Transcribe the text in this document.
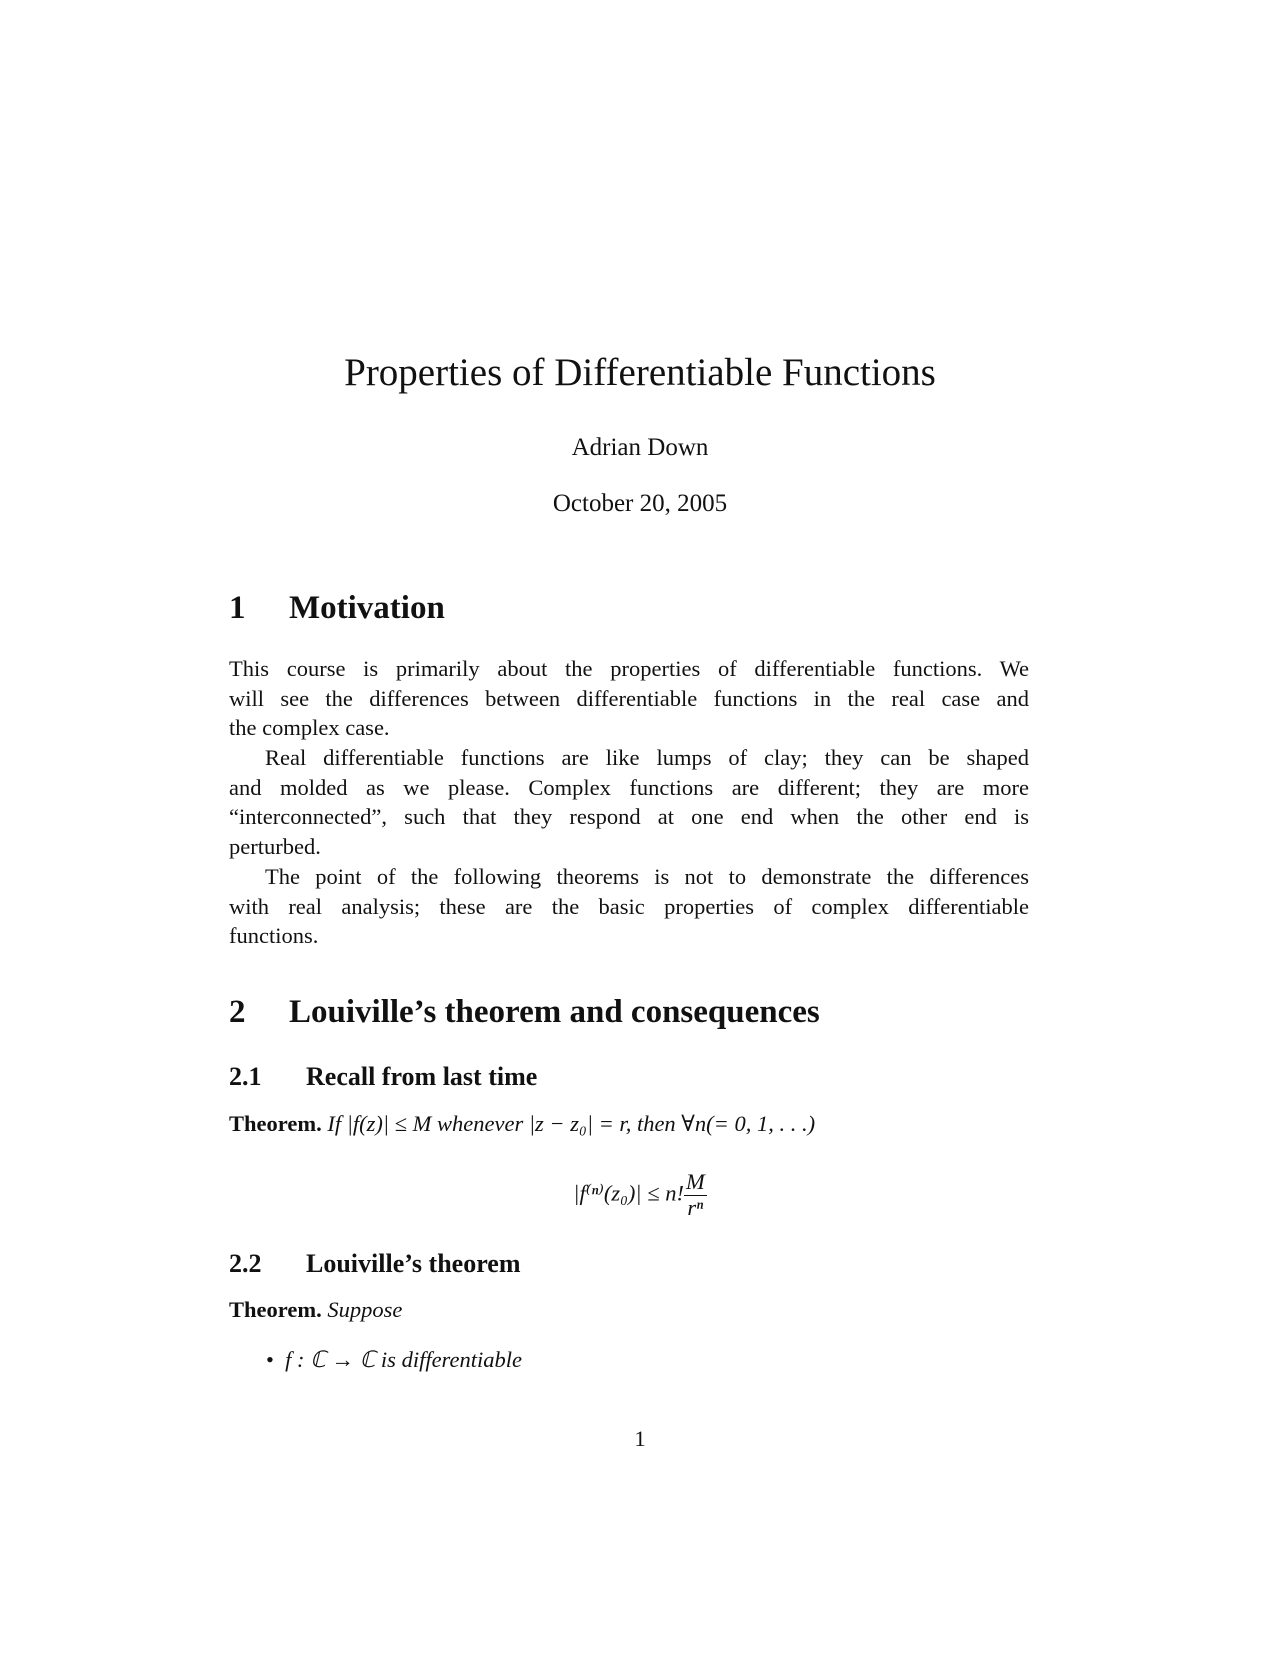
Properties of Differentiable Functions
Adrian Down
October 20, 2005
1 Motivation
This course is primarily about the properties of differentiable functions. We
will see the differences between differentiable functions in the real case and
the complex case.
Real differentiable functions are like lumps of clay; they can be shaped
and molded as we please. Complex functions are different; they are more
“interconnected”, such that they respond at one end when the other end is
perturbed.
The point of the following theorems is not to demonstrate the differences
with real analysis; these are the basic properties of complex differentiable
functions.
2 Louiville’s theorem and consequences
2.1 Recall from last time
Theorem. If |f(z)| ≤ M whenever |z − z₀| = r, then ∀n(= 0, 1, . . .)
|f⁽ⁿ⁾(z₀)| ≤ n! $\frac{M}{\text{rⁿ}}$
2.2 Louiville’s theorem
Theorem. Suppose
• f : ℂ → ℂ is differentiable
1
